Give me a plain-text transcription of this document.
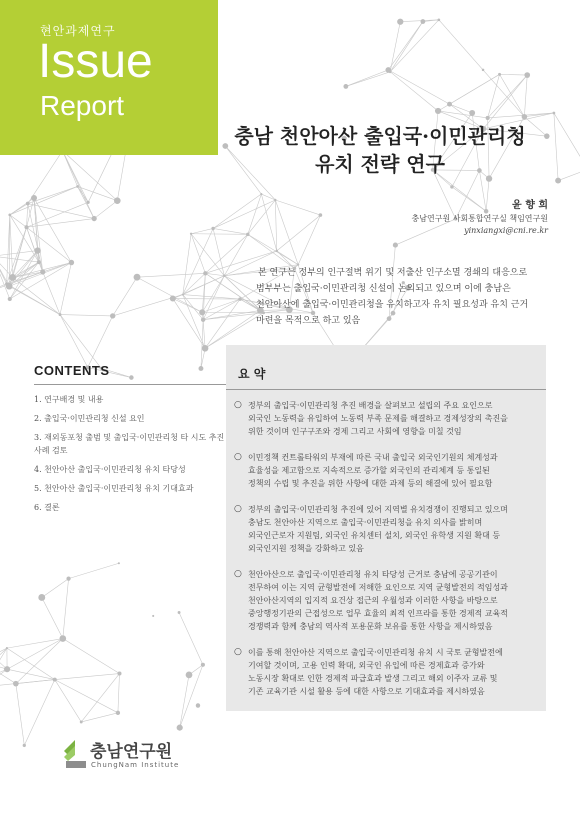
현안과제연구
Issue
Report
충남 천안아산 출입국·이민관리청
유치 전략 연구
윤 향 희
충남연구원 사회통합연구실 책임연구원
yinxiangxi@cni.re.kr
본 연구는 정부의 인구절벽 위기 및 저출산 인구소멸 경쇄의 대응으로
범부부는 출입국·이민관리청 신설이 논의되고 있으며 이에 충남은
천안아산에 출입국·이민관리청을 유치하고자 유치 필요성과 유치 근거
마련을 목적으로 하고 있음
CONTENTS
1. 연구배경 및 내용
2. 출입국·이민관리청 신설 요인
3. 재외동포청 출범 및 출입국·이민관리청 타 시도 추진사례 검토
4. 천안아산 출입국·이민관리청 유치 타당성
5. 천안아산 출입국·이민관리청 유치 기대효과
6. 결론
요 약
○ 정부의 출입국·이민관리청 추진 배경을 살펴보고 설립의 주요 요인으로
외국인 노동력을 유입하여 노동력 부족 문제를 해결하고 경제성장의 촉진을
위한 것이며 인구구조와 경제 그리고 사회에 영향을 미칠 것임
○ 이민정책 컨트롤타워의 부재에 따른 국내 출입국 외국인기원의 체계성과
효율성을 제고함으로 지속적으로 증가할 외국인의 관리체계 등 통일된
정책의 수립 및 추진을 위한 사항에 대한 과제 등의 해결에 있어 필요함
○ 정부의 출입국·이민관리청 추진에 있어 지역별 유치경쟁이 진행되고 있으며
충남도 천안아산 지역으로 출입국·이민관리청을 유치 의사를 밝히며
외국인근로자 지원팀, 외국인 유치센터 설치, 외국인 유학생 지원 확대 등
외국인지원 정책을 강화하고 있음
○ 천안아산으로 출입국·이민관리청 유치 타당성 근거로 충남에 공공기관이
전무하여 이는 지역 균형발전에 저해한 요인으로 지역 균형발전의 적임성과
천안아산지역의 입지적 요건상 접근의 우월성과 이러한 사항을 바탕으로
중앙행정기관의 근접성으로 업무 효율의 최적 인프라를 통한 경제적 교육적
경쟁력과 함께 충남의 역사적 포용문화 보유를 통한 사항을 제시하였음
○ 이를 통해 천안아산 지역으로 출입국·이민관리청 유치 시 국토 균형발전에
기여할 것이며, 고용 인력 확대, 외국인 유입에 따른 경제효과 증가와
노동시장 확대로 인한 경제적 파급효과 발생 그리고 해외 이주자 교류 및
기존 교육기관 시설 활용 등에 대한 사항으로 기대효과를 제시하였음
충남연구원
ChungNam Institute
